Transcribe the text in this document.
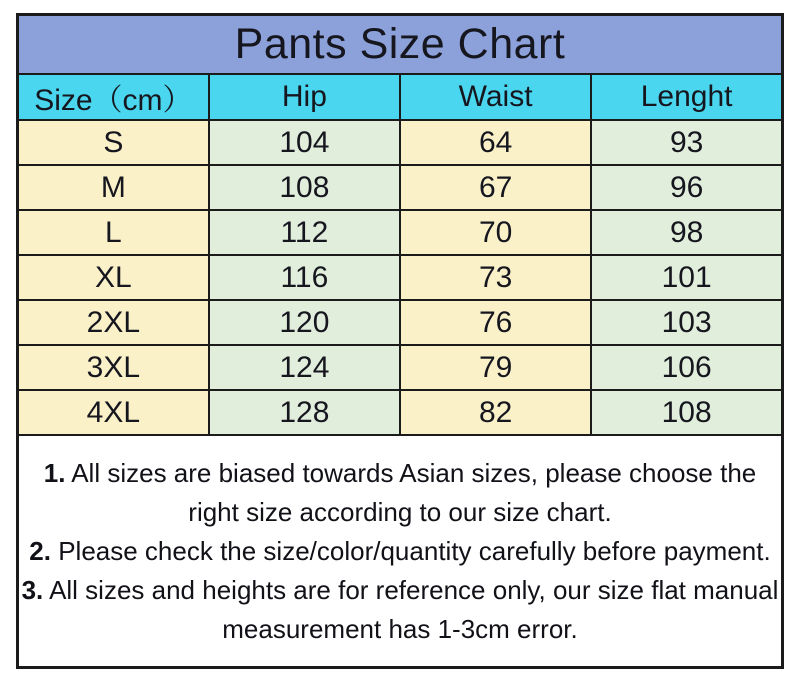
Pants Size Chart			
Size（cm）	Hip	Waist	Lenght
S	104	64	93
M	108	67	96
L	112	70	98
XL	116	73	101
2XL	120	76	103
3XL	124	79	106
4XL	128	82	108

1. All sizes are biased towards Asian sizes, please choose the right size according to our size chart.

2. Please check the size/color/quantity carefully before payment.

3. All sizes and heights are for reference only, our size flat manual measurement has 1-3cm error.			
